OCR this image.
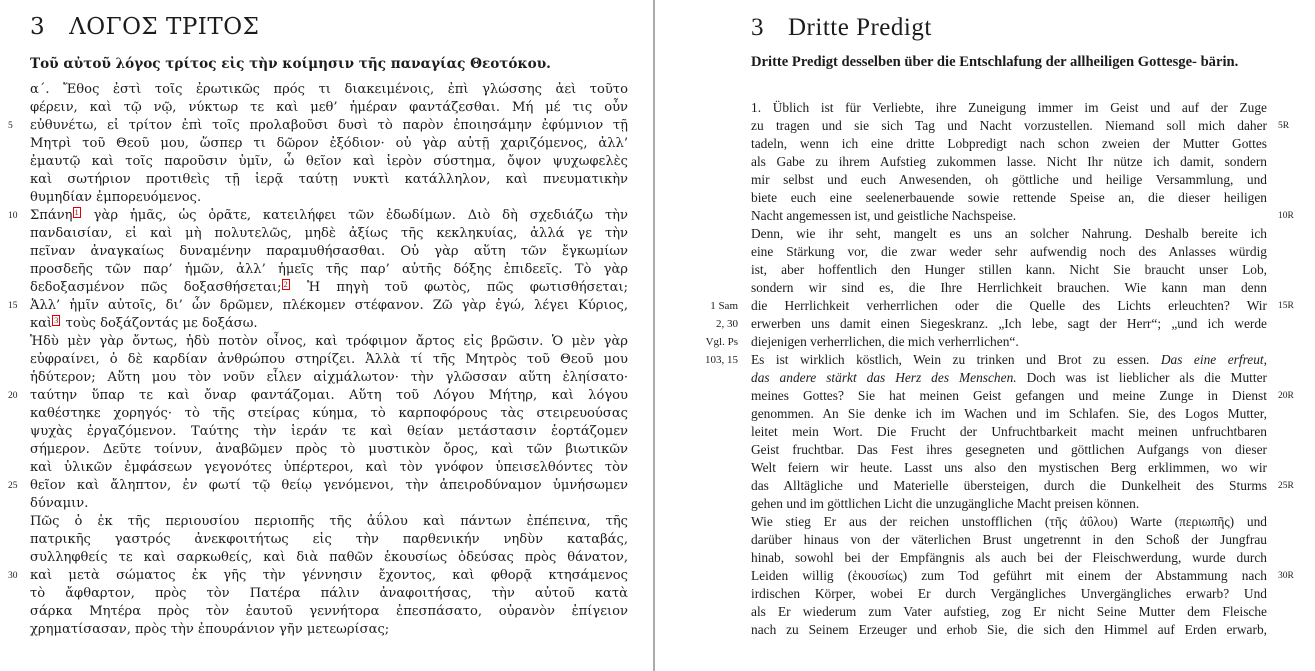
3 ΛΟΓΟΣ ΤΡΙΤΟΣ
Τοῦ αὐτοῦ λόγος τρίτος εἰς τὴν κοίμησιν τῆς παναγίας Θεοτόκου.
α΄. Ἔθος ἐστὶ τοῖς ἐρωτικῶς πρός τι διακειμένοις, ἐπὶ γλώσσης ἀεὶ τοῦτο
φέρειν, καὶ τῷ νῷ, νύκτωρ τε καὶ μεθ’ ἡμέραν φαντάζεσθαι. Μή μέ τις οὖν
5 εὐθυνέτω, εἰ τρίτον ἐπὶ τοῖς προλαβοῦσι δυσὶ τὸ παρὸν ἐποιησάμην ἐφύμνιον τῇ
Μητρὶ τοῦ Θεοῦ μου, ὥσπερ τι δῶρον ἐξόδιον· οὐ γὰρ αὐτῇ χαριζόμενος, ἀλλ’
ἐμαυτῷ καὶ τοῖς παροῦσιν ὑμῖν, ὦ θεῖον καὶ ἱερὸν σύστημα, ὄψον ψυχωφελὲς
καὶ σωτήριον προτιθεὶς τῇ ἱερᾷ ταύτῃ νυκτὶ κατάλληλον, καὶ πνευματικὴν
θυμηδίαν ἐμπορευόμενος.
10 Σπάνη 1 γὰρ ἡμᾶς, ὡς ὁρᾶτε, κατειλήφει τῶν ἐδωδίμων. Διὸ δὴ σχεδιάζω τὴν
πανδαισίαν, εἰ καὶ μὴ πολυτελῶς, μηδὲ ἀξίως τῆς κεκληκυίας, ἀλλά γε τὴν
πεῖναν ἀναγκαίως δυναμένην παραμυθήσασθαι. Οὐ γὰρ αὕτη τῶν ἔγκωμίων
προσδεῆς τῶν παρ’ ἡμῶν, ἀλλ’ ἡμεῖς τῆς παρ’ αὐτῆς δόξης ἐπιδεεῖς. Τὸ γὰρ
δεδοξασμένον πῶς δοξασθήσεται; 2 Ἡ πηγὴ τοῦ φωτὸς, πῶς φωτισθήσεται;
15 Ἀλλ’ ἡμῖν αὐτοῖς, δι’ ὧν δρῶμεν, πλέκομεν στέφανον. Ζῶ γὰρ ἐγώ, λέγει Κύριος,
καὶ 3 τοὺς δοξάζοντάς με δοξάσω.
Ἡδὺ μὲν γὰρ ὄντως, ἡδὺ ποτὸν οἶνος, καὶ τρόφιμον ἄρτος εἰς βρῶσιν. Ὁ μὲν γὰρ
εὐφραίνει, ὁ δὲ καρδίαν ἀνθρώπου στηρίζει. Ἀλλὰ τί τῆς Μητρὸς τοῦ Θεοῦ μου
ἡδύτερον; Αὕτη μου τὸν νοῦν εἷλεν αἰχμάλωτον· τὴν γλῶσσαν αὕτη ἐληίσατο·
20 ταύτην ὕπαρ τε καὶ ὄναρ φαντάζομαι. Αὕτη τοῦ Λόγου Μήτηρ, καὶ λόγου
καθέστηκε χορηγός· τὸ τῆς στείρας κύημα, τὸ καρποφόρους τὰς στειρευούσας
ψυχὰς ἐργαζόμενον. Ταύτης τὴν ἱεράν τε καὶ θείαν μετάστασιν ἑορτάζομεν
σήμερον. Δεῦτε τοίνυν, ἀναβῶμεν πρὸς τὸ μυστικὸν ὄρος, καὶ τῶν βιωτικῶν
καὶ ὑλικῶν ἐμφάσεων γεγονότες ὑπέρτεροι, καὶ τὸν γνόφον ὑπεισελθόντες τὸν
25 θεῖον καὶ ἄληπτον, ἐν φωτί τῷ θείῳ γενόμενοι, τὴν ἀπειροδύναμον ὑμνήσωμεν
δύναμιν.
Πῶς ὁ ἐκ τῆς περιουσίου περιοπῆς τῆς ἀΰλου καὶ πάντων ἐπέπεινα, τῆς
πατρικῆς γαστρός ἀνεκφοιτήτως εἰς τὴν παρθενικήν νηδὺν καταβάς,
συλληφθείς τε καὶ σαρκωθείς, καὶ διὰ παθῶν ἑκουσίως ὁδεύσας πρὸς θάνατον,
30 καὶ μετὰ σώματος ἐκ γῆς τὴν γέννησιν ἔχοντος, καὶ φθορᾷ κτησάμενος
τὸ ἄφθαρτον, πρὸς τὸν Πατέρα πάλιν ἀναφοιτήσας, τὴν αὐτοῦ κατὰ
σάρκα Μητέρα πρὸς τὸν ἑαυτοῦ γεννήτορα ἐπεσπάσατο, οὐρανὸν ἐπίγειον
χρηματίσασαν, πρὸς τὴν ἐπουράνιον γῆν μετεωρίσας;
3 Dritte Predigt
Dritte Predigt desselben über die Entschlafung der allheiligen Gottesge- bärin.
1. Üblich ist für Verliebte, ihre Zuneigung immer im Geist und auf der Zuge
5R
zu tragen und sie sich Tag und Nacht vorzustellen. Niemand soll mich daher
tadeln, wenn ich eine dritte Lobpredigt nach schon zweien der Mutter Gottes
als Gabe zu ihrem Aufstieg zukommen lasse. Nicht Ihr nütze ich damit, sondern
mir selbst und euch Anwesenden, oh göttliche und heilige Versammlung, und
biete euch eine seelenerbauende sowie rettende Speise an, die dieser heiligen
10R
Nacht angemessen ist, und geistliche Nachspeise.
Denn, wie ihr seht, mangelt es uns an solcher Nahrung. Deshalb bereite ich
eine Stärkung vor, die zwar weder sehr aufwendig noch des Anlasses würdig
ist, aber hoffentlich den Hunger stillen kann. Nicht Sie braucht unser Lob,
sondern wir sind es, die Ihre Herrlichkeit brauchen. Wie kann man denn
15R
1 Sam die Herrlichkeit verherrlichen oder die Quelle des Lichts erleuchten? Wir
2, 30 erwerben uns damit einen Siegeskranz. „Ich lebe, sagt der Herr“; „und ich werde
Vgl. Ps diejenigen verherrlichen, die mich verherrlichen“.
103, 15 Es ist wirklich köstlich, Wein zu trinken und Brot zu essen. Das eine erfreut,
das andere stärkt das Herz des Menschen. Doch was ist lieblicher als die Mutter
20R
meines Gottes? Sie hat meinen Geist gefangen und meine Zunge in Dienst
genommen. An Sie denke ich im Wachen und im Schlafen. Sie, des Logos Mutter,
leitet mein Wort. Die Frucht der Unfruchtbarkeit macht meinen unfruchtbaren
Geist fruchtbar. Das Fest ihres gesegneten und göttlichen Aufgangs von dieser
Welt feiern wir heute. Lasst uns also den mystischen Berg erklimmen, wo wir
25R
das Alltägliche und Materielle übersteigen, durch die Dunkelheit des Sturms
gehen und im göttlichen Licht die unzugängliche Macht preisen können.
Wie stieg Er aus der reichen unstofflichen (τῆς ἀΰλου) Warte (περιωπῆς) und
darüber hinaus von der väterlichen Brust ungetrennt in den Schoß der Jungfrau
hinab, sowohl bei der Empfängnis als auch bei der Fleischwerdung, wurde durch
30R
Leiden willig (ἑκουσίως) zum Tod geführt mit einem der Abstammung nach
irdischen Körper, wobei Er durch Vergängliches Unvergängliches erwarb? Und
als Er wiederum zum Vater aufstieg, zog Er nicht Seine Mutter dem Fleische
nach zu Seinem Erzeuger und erhob Sie, die sich den Himmel auf Erden erwarb,
